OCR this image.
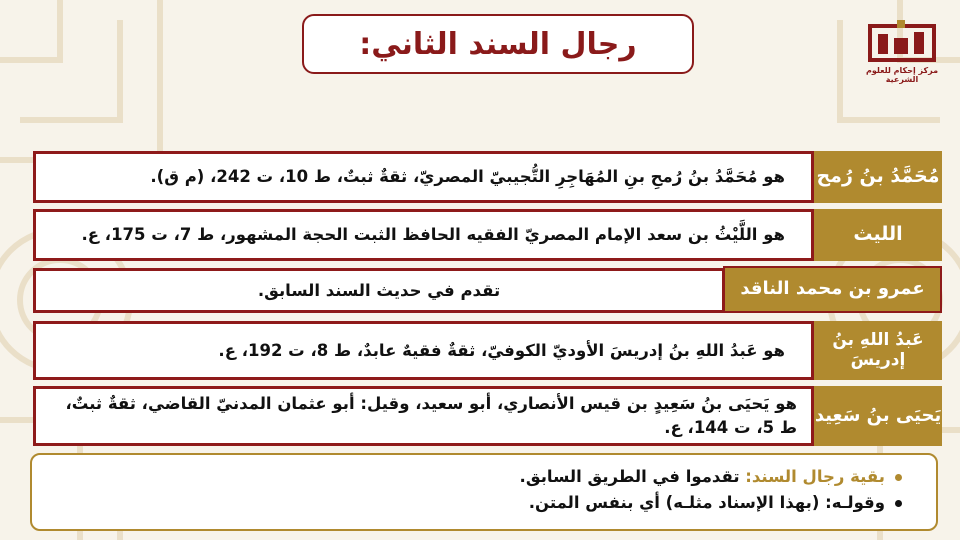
رجال السند الثاني:
مركز إحكام للعلوم الشرعية
هو مُحَمَّدُ بنُ رُمحِ بنِ المُهَاجِرِ التُّجيبيّ المصريّ، ثقةٌ ثبتٌ، ط 10، ت 242، (م ق). مُحَمَّدُ بنُ رُمح
هو اللَّيْثُ بن سعد الإمام المصريّ الفقيه الحافظ الثبت الحجة المشهور، ط 7، ت 175، ع.	الليث
تقدم في حديث السند السابق.	عمرو بن محمد الناقد
هو عَبدُ اللهِ بنُ إدريسَ الأوديّ الكوفيّ، ثقةٌ فقيهٌ عابدٌ، ط 8، ت 192، ع.
عَبدُ اللهِ بنُ إدريسَ
هو يَحيَى بنُ سَعِيدٍ بن قيس الأنصاري، أبو سعيد، وقيل: أبو عثمان المدنيّ القاضي، ثقةٌ ثبتٌ، ط 5، ت 144، ع.
يَحيَى بنُ سَعِيد
بقية رجال السند: تقدموا في الطريق السابق.
وقولـه: (بهذا الإسناد مثلـه) أي بنفس المتن.
